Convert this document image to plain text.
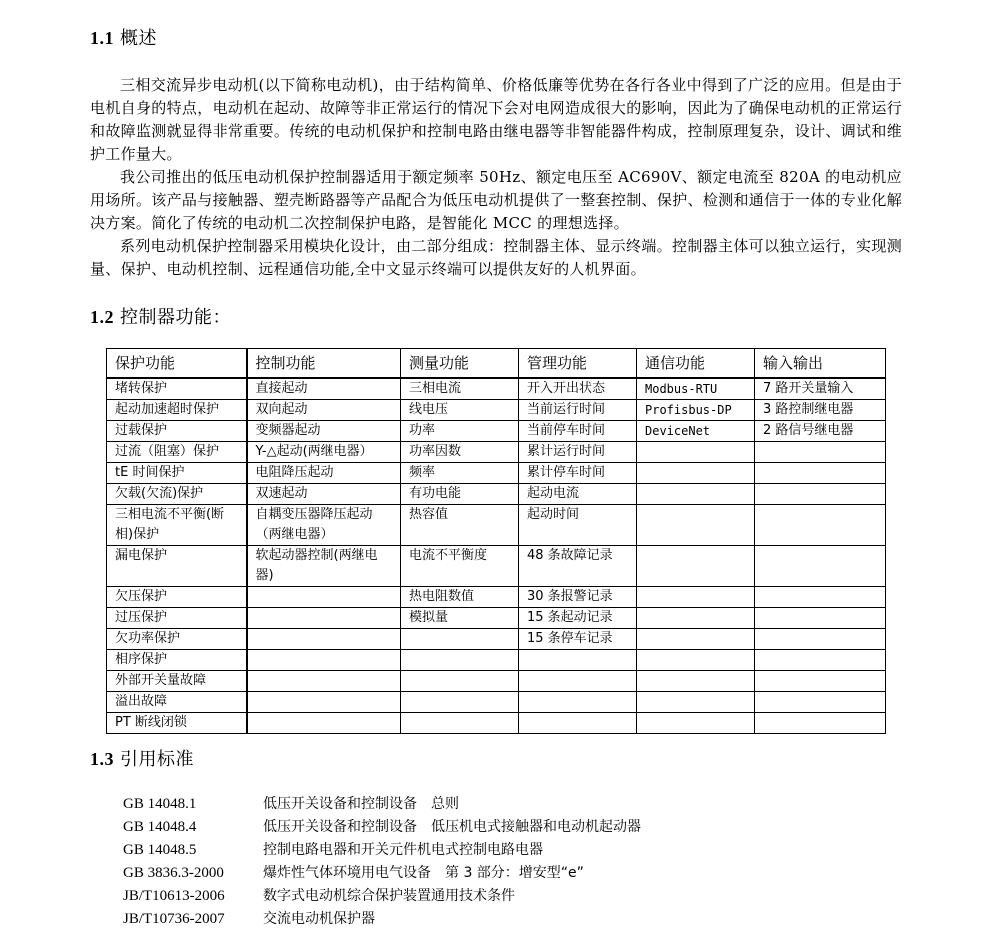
1.1 概述

三相交流异步电动机(以下简称电动机)，由于结构简单、价格低廉等优势在各行各业中得到了广泛的应用。但是由于电机自身的特点，电动机在起动、故障等非正常运行的情况下会对电网造成很大的影响，因此为了确保电动机的正常运行和故障监测就显得非常重要。传统的电动机保护和控制电路由继电器等非智能器件构成，控制原理复杂，设计、调试和维护工作量大。

我公司推出的低压电动机保护控制器适用于额定频率 50Hz、额定电压至 AC690V、额定电流至 820A 的电动机应用场所。该产品与接触器、塑壳断路器等产品配合为低压电动机提供了一整套控制、保护、检测和通信于一体的专业化解决方案。简化了传统的电动机二次控制保护电路，是智能化 MCC 的理想选择。

系列电动机保护控制器采用模块化设计，由二部分组成：控制器主体、显示终端。控制器主体可以独立运行，实现测量、保护、电动机控制、远程通信功能,全中文显示终端可以提供友好的人机界面。

1.2 控制器功能：
保护功能	控制功能	测量功能	管理功能	通信功能	输入输出
堵转保护	直接起动	三相电流	开入开出状态	Modbus-RTU	7 路开关量输入
起动加速超时保护	双向起动	线电压	当前运行时间	Profisbus-DP	3 路控制继电器
过载保护	变频器起动	功率	当前停车时间	DeviceNet	2 路信号继电器
过流（阻塞）保护	Y-△起动(两继电器）	功率因数	累计运行时间		
tE 时间保护	电阻降压起动	频率	累计停车时间		
欠载(欠流)保护	双速起动	有功电能	起动电流		
三相电流不平衡(断相)保护	自耦变压器降压起动（两继电器）	热容值	起动时间		
漏电保护	软起动器控制(两继电器)	电流不平衡度	48 条故障记录		
欠压保护		热电阻数值	30 条报警记录		
过压保护		模拟量	15 条起动记录		
欠功率保护			15 条停车记录		
相序保护					
外部开关量故障					
溢出故障					
PT 断线闭锁					
1.3 引用标准
GB 14048.1	低压开关设备和控制设备　总则
GB 14048.4	低压开关设备和控制设备　低压机电式接触器和电动机起动器
GB 14048.5	控制电路电器和开关元件机电式控制电路电器
GB 3836.3-2000	爆炸性气体环境用电气设备　第 3 部分：增安型“e”
JB/T10613-2006	数字式电动机综合保护装置通用技术条件
JB/T10736-2007	交流电动机保护器
